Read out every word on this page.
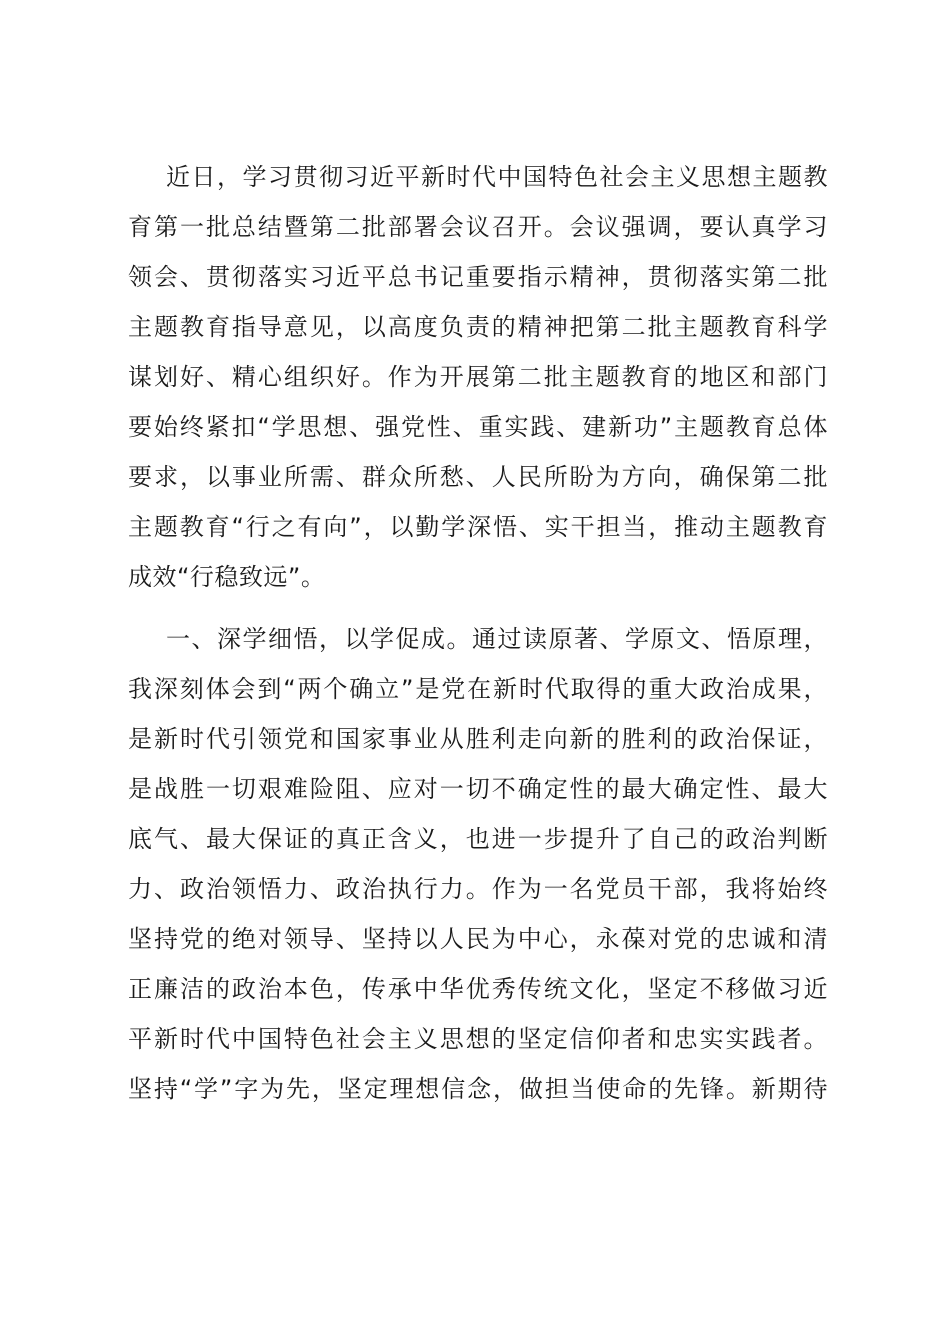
近日，学习贯彻习近平新时代中国特色社会主义思想主题教
育第一批总结暨第二批部署会议召开。会议强调，要认真学习
领会、贯彻落实习近平总书记重要指示精神，贯彻落实第二批
主题教育指导意见，以高度负责的精神把第二批主题教育科学
谋划好、精心组织好。作为开展第二批主题教育的地区和部门
要始终紧扣“学思想、强党性、重实践、建新功”主题教育总体
要求，以事业所需、群众所愁、人民所盼为方向，确保第二批
主题教育“行之有向”，以勤学深悟、实干担当，推动主题教育
成效“行稳致远”。
一、深学细悟，以学促成。通过读原著、学原文、悟原理，
我深刻体会到“两个确立”是党在新时代取得的重大政治成果，
是新时代引领党和国家事业从胜利走向新的胜利的政治保证，
是战胜一切艰难险阻、应对一切不确定性的最大确定性、最大
底气、最大保证的真正含义，也进一步提升了自己的政治判断
力、政治领悟力、政治执行力。作为一名党员干部，我将始终
坚持党的绝对领导、坚持以人民为中心，永葆对党的忠诚和清
正廉洁的政治本色，传承中华优秀传统文化，坚定不移做习近
平新时代中国特色社会主义思想的坚定信仰者和忠实实践者。
坚持“学”字为先，坚定理想信念，做担当使命的先锋。新期待
